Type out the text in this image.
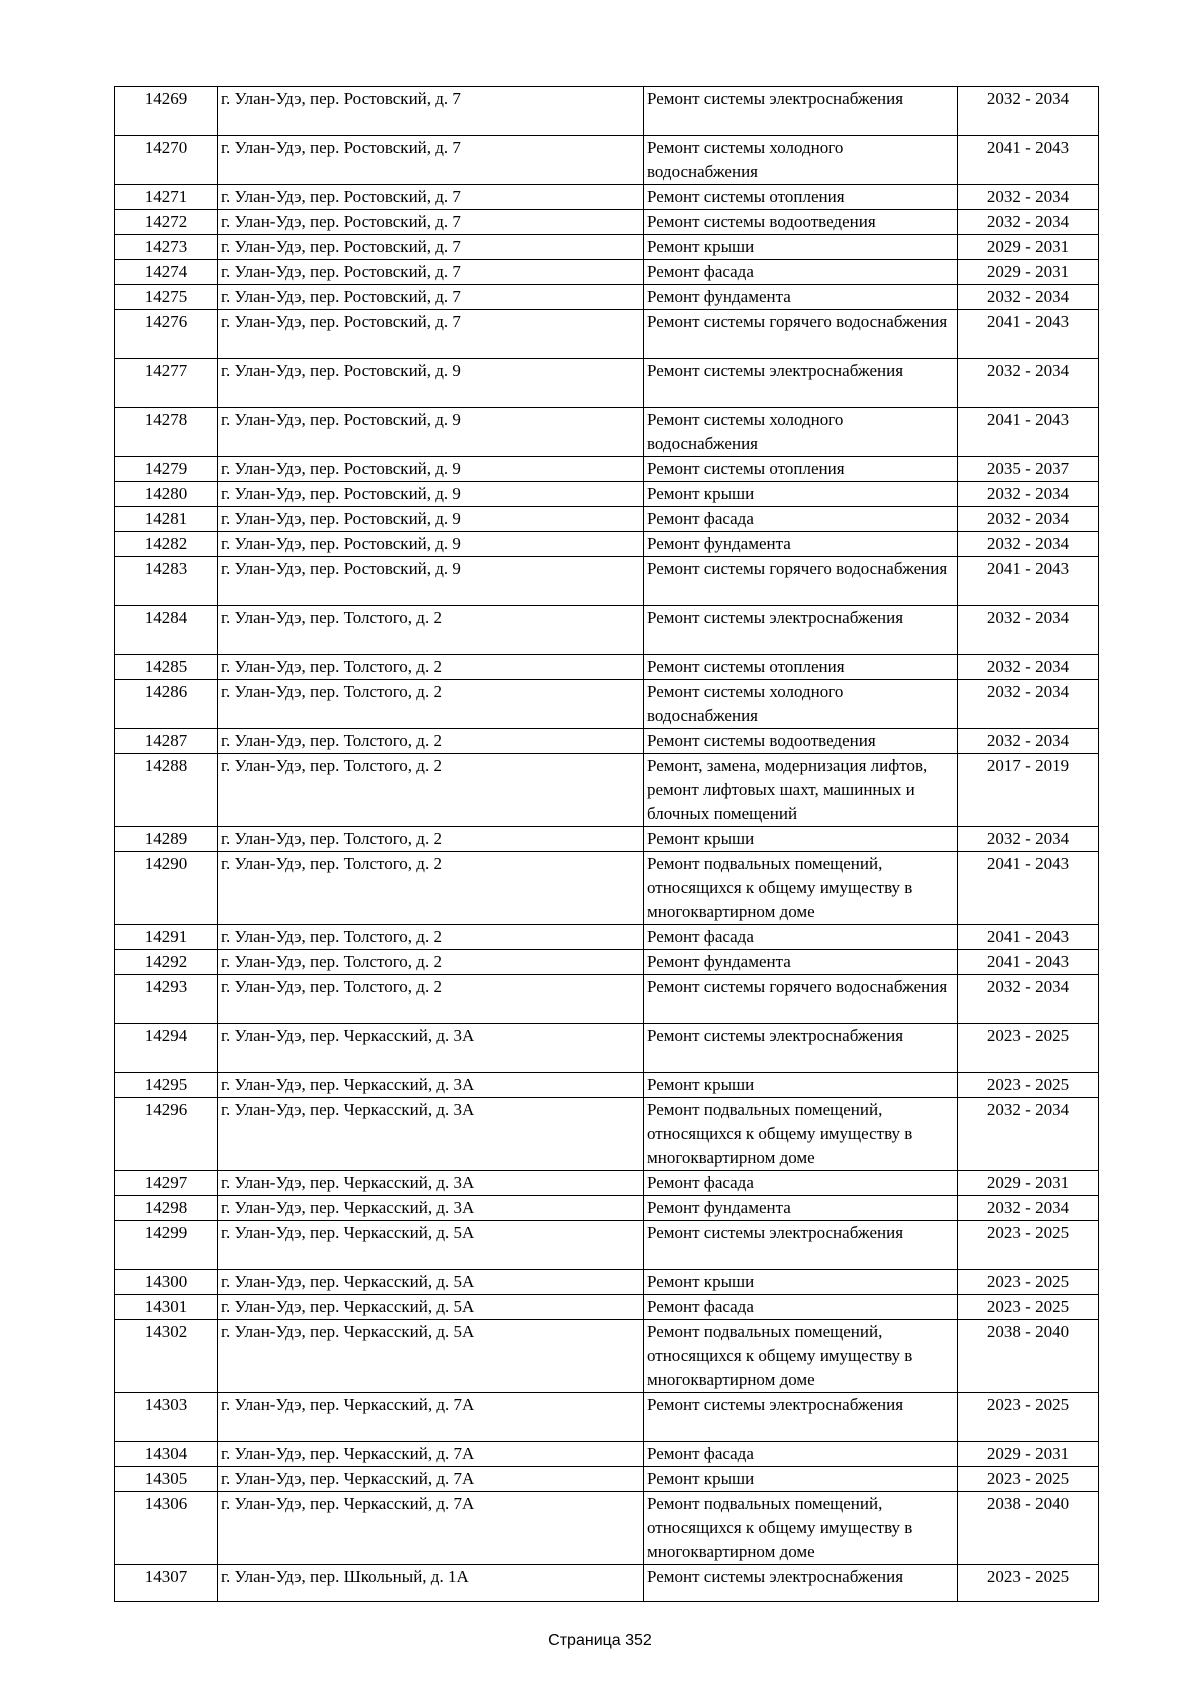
14269	г. Улан-Удэ, пер. Ростовский, д. 7	Ремонт системы электроснабжения	2032 - 2034
14270	г. Улан-Удэ, пер. Ростовский, д. 7	Ремонт системы холодного водоснабжения	2041 - 2043
14271	г. Улан-Удэ, пер. Ростовский, д. 7	Ремонт системы отопления	2032 - 2034
14272	г. Улан-Удэ, пер. Ростовский, д. 7	Ремонт системы водоотведения	2032 - 2034
14273	г. Улан-Удэ, пер. Ростовский, д. 7	Ремонт крыши	2029 - 2031
14274	г. Улан-Удэ, пер. Ростовский, д. 7	Ремонт фасада	2029 - 2031
14275	г. Улан-Удэ, пер. Ростовский, д. 7	Ремонт фундамента	2032 - 2034
14276	г. Улан-Удэ, пер. Ростовский, д. 7	Ремонт системы горячего водоснабжения	2041 - 2043
14277	г. Улан-Удэ, пер. Ростовский, д. 9	Ремонт системы электроснабжения	2032 - 2034
14278	г. Улан-Удэ, пер. Ростовский, д. 9	Ремонт системы холодного водоснабжения	2041 - 2043
14279	г. Улан-Удэ, пер. Ростовский, д. 9	Ремонт системы отопления	2035 - 2037
14280	г. Улан-Удэ, пер. Ростовский, д. 9	Ремонт крыши	2032 - 2034
14281	г. Улан-Удэ, пер. Ростовский, д. 9	Ремонт фасада	2032 - 2034
14282	г. Улан-Удэ, пер. Ростовский, д. 9	Ремонт фундамента	2032 - 2034
14283	г. Улан-Удэ, пер. Ростовский, д. 9	Ремонт системы горячего водоснабжения	2041 - 2043
14284	г. Улан-Удэ, пер. Толстого, д. 2	Ремонт системы электроснабжения	2032 - 2034
14285	г. Улан-Удэ, пер. Толстого, д. 2	Ремонт системы отопления	2032 - 2034
14286	г. Улан-Удэ, пер. Толстого, д. 2	Ремонт системы холодного водоснабжения	2032 - 2034
14287	г. Улан-Удэ, пер. Толстого, д. 2	Ремонт системы водоотведения	2032 - 2034
14288	г. Улан-Удэ, пер. Толстого, д. 2	Ремонт, замена, модернизация лифтов, ремонт лифтовых шахт, машинных и блочных помещений	2017 - 2019
14289	г. Улан-Удэ, пер. Толстого, д. 2	Ремонт крыши	2032 - 2034
14290	г. Улан-Удэ, пер. Толстого, д. 2	Ремонт подвальных помещений, относящихся к общему имуществу в многоквартирном доме	2041 - 2043
14291	г. Улан-Удэ, пер. Толстого, д. 2	Ремонт фасада	2041 - 2043
14292	г. Улан-Удэ, пер. Толстого, д. 2	Ремонт фундамента	2041 - 2043
14293	г. Улан-Удэ, пер. Толстого, д. 2	Ремонт системы горячего водоснабжения	2032 - 2034
14294	г. Улан-Удэ, пер. Черкасский, д. 3А	Ремонт системы электроснабжения	2023 - 2025
14295	г. Улан-Удэ, пер. Черкасский, д. 3А	Ремонт крыши	2023 - 2025
14296	г. Улан-Удэ, пер. Черкасский, д. 3А	Ремонт подвальных помещений, относящихся к общему имуществу в многоквартирном доме	2032 - 2034
14297	г. Улан-Удэ, пер. Черкасский, д. 3А	Ремонт фасада	2029 - 2031
14298	г. Улан-Удэ, пер. Черкасский, д. 3А	Ремонт фундамента	2032 - 2034
14299	г. Улан-Удэ, пер. Черкасский, д. 5А	Ремонт системы электроснабжения	2023 - 2025
14300	г. Улан-Удэ, пер. Черкасский, д. 5А	Ремонт крыши	2023 - 2025
14301	г. Улан-Удэ, пер. Черкасский, д. 5А	Ремонт фасада	2023 - 2025
14302	г. Улан-Удэ, пер. Черкасский, д. 5А	Ремонт подвальных помещений, относящихся к общему имуществу в многоквартирном доме	2038 - 2040
14303	г. Улан-Удэ, пер. Черкасский, д. 7А	Ремонт системы электроснабжения	2023 - 2025
14304	г. Улан-Удэ, пер. Черкасский, д. 7А	Ремонт фасада	2029 - 2031
14305	г. Улан-Удэ, пер. Черкасский, д. 7А	Ремонт крыши	2023 - 2025
14306	г. Улан-Удэ, пер. Черкасский, д. 7А	Ремонт подвальных помещений, относящихся к общему имуществу в многоквартирном доме	2038 - 2040
14307	г. Улан-Удэ, пер. Школьный, д. 1А	Ремонт системы электроснабжения	2023 - 2025
Страница 352
